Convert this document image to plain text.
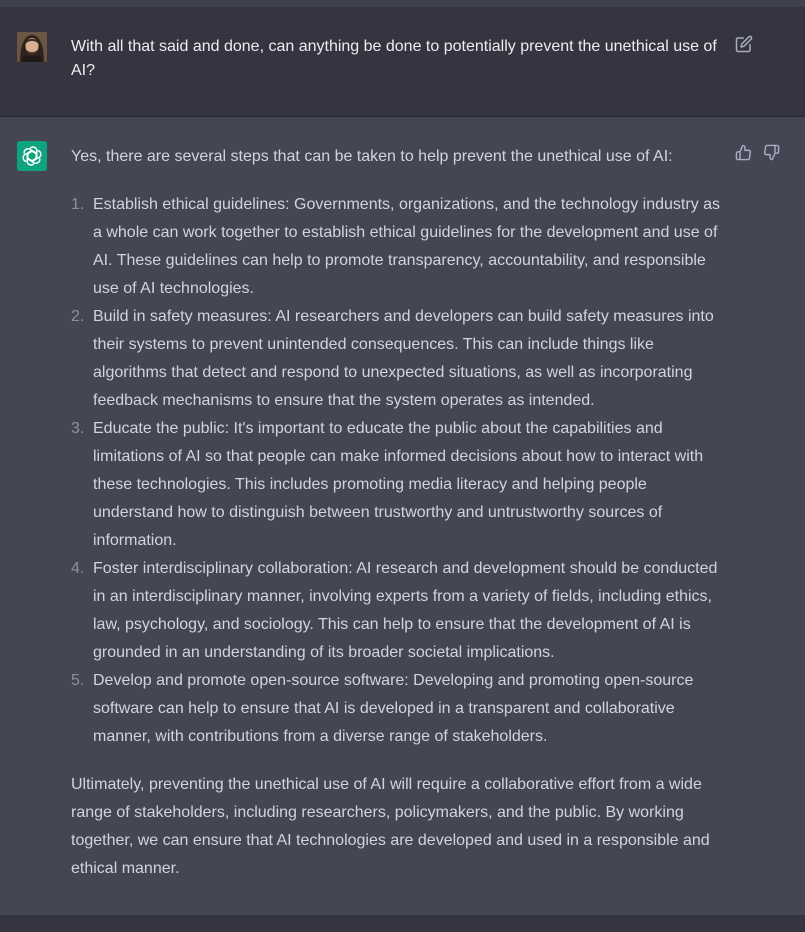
With all that said and done, can anything be done to potentially prevent the unethical use of AI?

Yes, there are several steps that can be taken to help prevent the unethical use of AI:

1. Establish ethical guidelines: Governments, organizations, and the technology industry as a whole can work together to establish ethical guidelines for the development and use of AI. These guidelines can help to promote transparency, accountability, and responsible use of AI technologies.
2. Build in safety measures: AI researchers and developers can build safety measures into their systems to prevent unintended consequences. This can include things like algorithms that detect and respond to unexpected situations, as well as incorporating feedback mechanisms to ensure that the system operates as intended.
3. Educate the public: It's important to educate the public about the capabilities and limitations of AI so that people can make informed decisions about how to interact with these technologies. This includes promoting media literacy and helping people understand how to distinguish between trustworthy and untrustworthy sources of information.
4. Foster interdisciplinary collaboration: AI research and development should be conducted in an interdisciplinary manner, involving experts from a variety of fields, including ethics, law, psychology, and sociology. This can help to ensure that the development of AI is grounded in an understanding of its broader societal implications.
5. Develop and promote open-source software: Developing and promoting open-source software can help to ensure that AI is developed in a transparent and collaborative manner, with contributions from a diverse range of stakeholders.

Ultimately, preventing the unethical use of AI will require a collaborative effort from a wide range of stakeholders, including researchers, policymakers, and the public. By working together, we can ensure that AI technologies are developed and used in a responsible and ethical manner.
